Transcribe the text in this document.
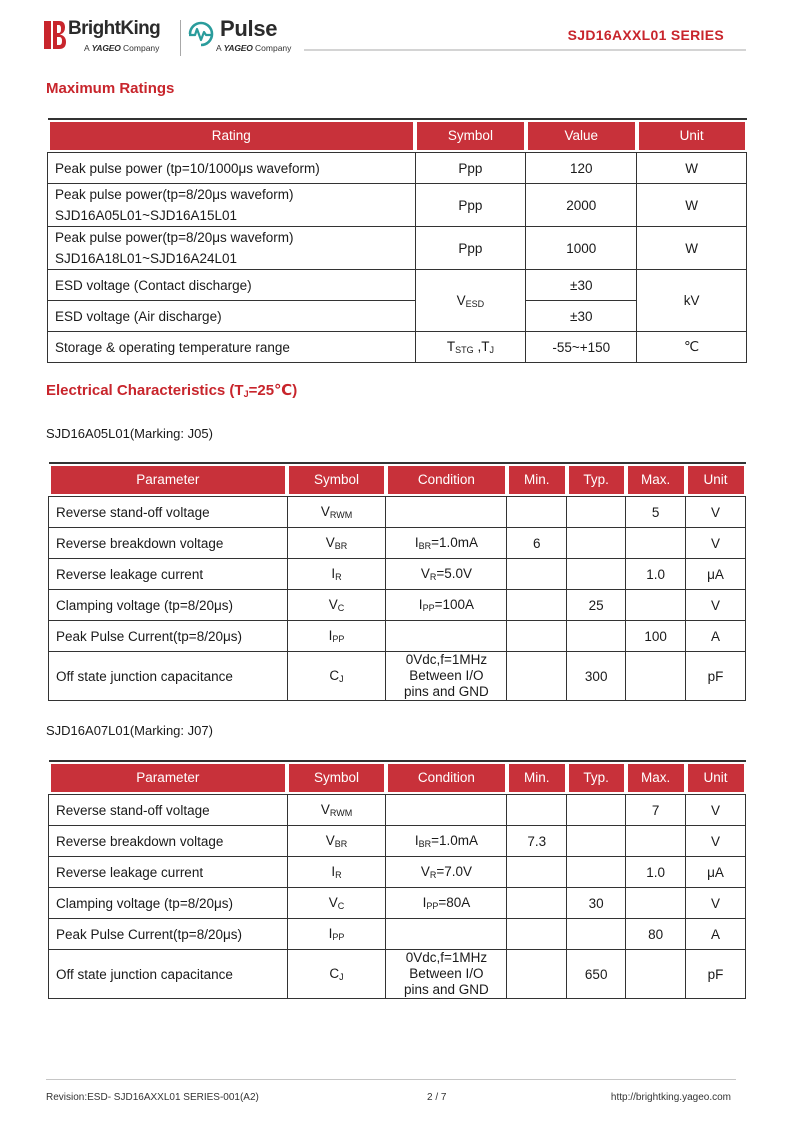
BrightKing
A YAGEO Company
Pulse
A YAGEO Company
SJD16AXXL01 SERIES
Maximum Ratings
Rating	Symbol	Value	Unit

Peak pulse power (tp=10/1000μs waveform)	Ppp	120	W
Peak pulse power(tp=8/20μs waveform)
SJD16A05L01~SJD16A15L01	Ppp	2000	W
Peak pulse power(tp=8/20μs waveform)
SJD16A18L01~SJD16A24L01	Ppp	1000	W
ESD voltage (Contact discharge)	$V_{ESD}$	±30	kV
ESD voltage (Air discharge)		±30	
Storage & operating temperature range	$T_{STG}$ $,T_J$	-55~+150	℃
Electrical Characteristics $(T_J=25℃)$
SJD16A05L01(Marking: J05)
Parameter	Symbol	Condition	Min.	Typ.	Max.	Unit

Reverse stand-off voltage	$V_{RWM}$				5	V
Reverse breakdown voltage	$V_{BR}$	$I_{BR}=1.0mA$	6			V
Reverse leakage current	$I_R$	$V_R=5.0V$			1.0	μA
Clamping voltage (tp=8/20μs)	$V_C$	$I_{PP}=100A$		25		V
Peak Pulse Current(tp=8/20μs)	$I_{PP}$				100	A
Off state junction capacitance	$C_J$	0Vdc,f=1MHz
Between I/O
pins and GND		300		pF
SJD16A07L01(Marking: J07)
Parameter	Symbol	Condition	Min.	Typ.	Max.	Unit

Reverse stand-off voltage	$V_{RWM}$				7	V
Reverse breakdown voltage	$V_{BR}$	$I_{BR}=1.0mA$	7.3			V
Reverse leakage current	$I_R$	$V_R=7.0V$			1.0	μA
Clamping voltage (tp=8/20μs)	$V_C$	$I_{PP}=80A$		30		V
Peak Pulse Current(tp=8/20μs)	$I_{PP}$				80	A
Off state junction capacitance	$C_J$	0Vdc,f=1MHz
Between I/O
pins and GND		650		pF
Revision:ESD- SJD16AXXL01 SERIES-001(A2)	2 / 7	http://brightking.yageo.com
